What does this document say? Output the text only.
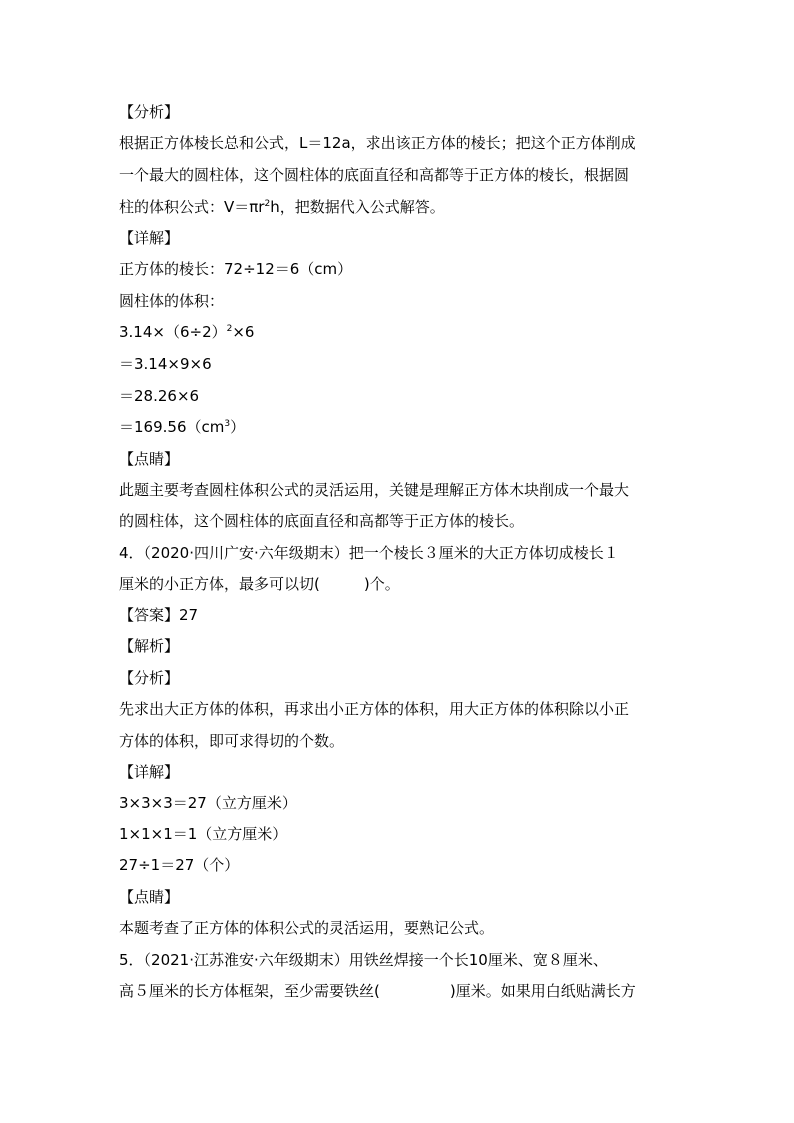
【分析】
根据正方体棱长总和公式，L＝12a，求出该正方体的棱长；把这个正方体削成
一个最大的圆柱体，这个圆柱体的底面直径和高都等于正方体的棱长，根据圆
柱的体积公式：$V=\pi r^2h$，把数据代入公式解答。
【详解】
正方体的棱长：72÷12＝6（cm）
圆柱体的体积：
$3.14\times(6\div 2)^2\times 6$
＝3.14×9×6
＝28.26×6
$=169.56(cm^3)$
【点睛】
此题主要考查圆柱体积公式的灵活运用，关键是理解正方体木块削成一个最大
的圆柱体，这个圆柱体的底面直径和高都等于正方体的棱长。
4．（2020·四川广安·六年级期末）把一个棱长３厘米的大正方体切成棱长１
厘米的小正方体，最多可以切(	)个。
【答案】27
【解析】
【分析】
先求出大正方体的体积，再求出小正方体的体积，用大正方体的体积除以小正
方体的体积，即可求得切的个数。
【详解】
3×3×3＝27（立方厘米）
1×1×1＝1（立方厘米）
27÷1＝27（个）
【点睛】
本题考查了正方体的体积公式的灵活运用，要熟记公式。
5．（2021·江苏淮安·六年级期末）用铁丝焊接一个长10厘米、宽８厘米、
高５厘米的长方体框架，至少需要铁丝(	)厘米。如果用白纸贴满长方
